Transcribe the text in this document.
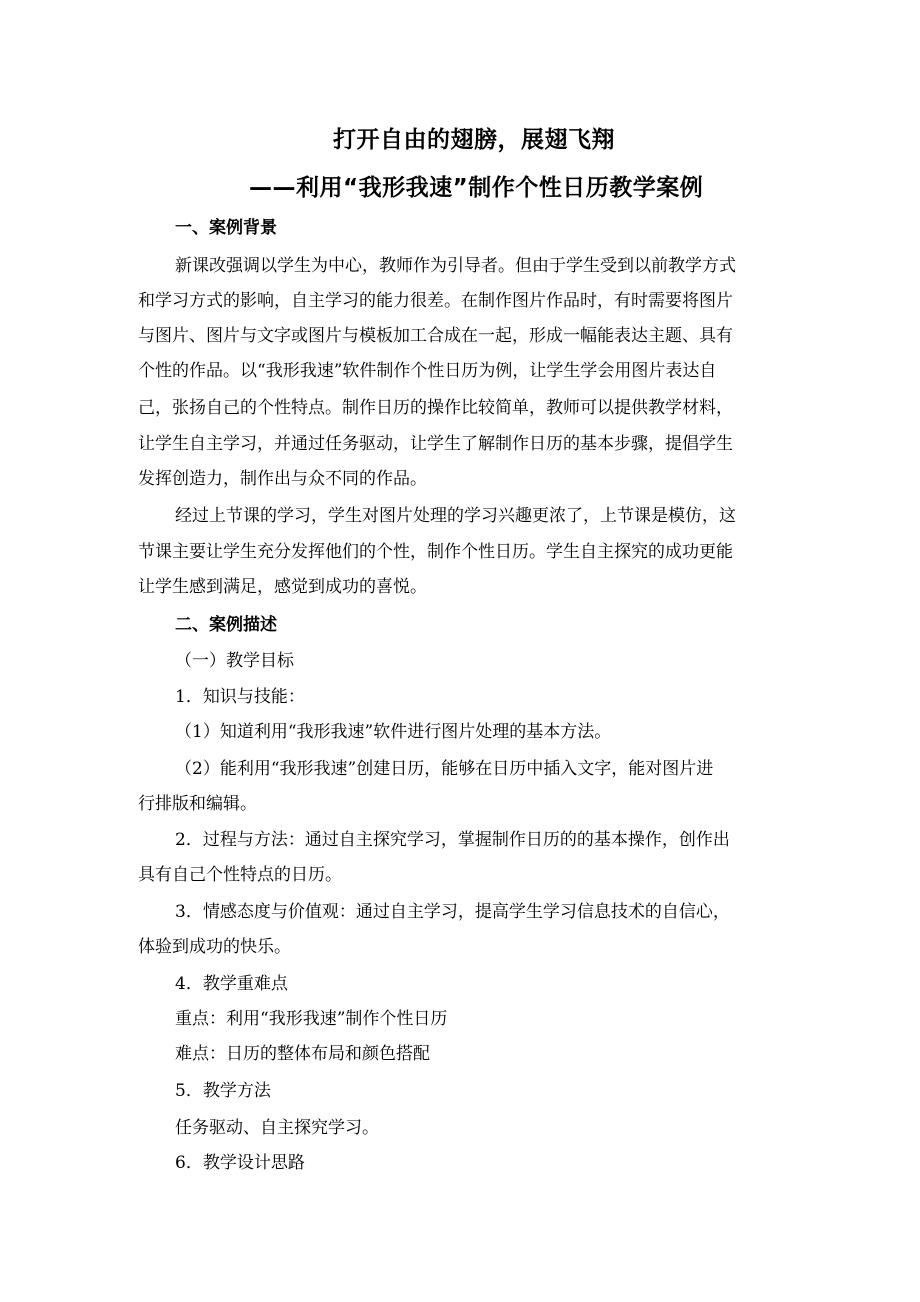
打开自由的翅膀，展翅飞翔
——利用“我形我速”制作个性日历教学案例
一、案例背景
新课改强调以学生为中心，教师作为引导者。但由于学生受到以前教学方式
和学习方式的影响，自主学习的能力很差。在制作图片作品时，有时需要将图片
与图片、图片与文字或图片与模板加工合成在一起，形成一幅能表达主题、具有
个性的作品。以“我形我速”软件制作个性日历为例，让学生学会用图片表达自
己，张扬自己的个性特点。制作日历的操作比较简单，教师可以提供教学材料，
让学生自主学习，并通过任务驱动，让学生了解制作日历的基本步骤，提倡学生
发挥创造力，制作出与众不同的作品。
经过上节课的学习，学生对图片处理的学习兴趣更浓了，上节课是模仿，这
节课主要让学生充分发挥他们的个性，制作个性日历。学生自主探究的成功更能
让学生感到满足，感觉到成功的喜悦。
二、案例描述
（一）教学目标
1．知识与技能：
（1）知道利用“我形我速”软件进行图片处理的基本方法。
（2）能利用“我形我速”创建日历，能够在日历中插入文字，能对图片进
行排版和编辑。
2．过程与方法：通过自主探究学习，掌握制作日历的的基本操作，创作出
具有自己个性特点的日历。
3．情感态度与价值观：通过自主学习，提高学生学习信息技术的自信心，
体验到成功的快乐。
4．教学重难点
重点：利用“我形我速”制作个性日历
难点：日历的整体布局和颜色搭配
5．教学方法
任务驱动、自主探究学习。
6．教学设计思路
